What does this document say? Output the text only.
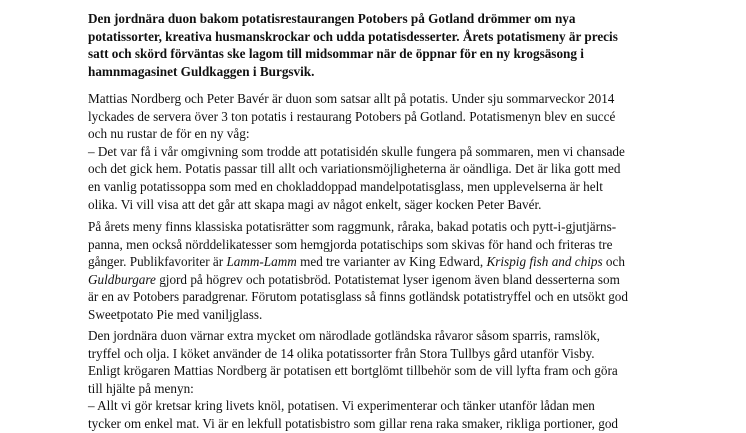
Den jordnära duon bakom potatisrestaurangen Potobers på Gotland drömmer om nya
potatissorter, kreativa husmanskrockar och udda potatisdesserter. Årets potatismeny är precis
satt och skörd förväntas ske lagom till midsommar när de öppnar för en ny krogsäsong i
hamnmagasinet Guldkaggen i Burgsvik.
Mattias Nordberg och Peter Bavér är duon som satsar allt på potatis. Under sju sommarveckor 2014
lyckades de servera över 3 ton potatis i restaurang Potobers på Gotland. Potatismenyn blev en succé
och nu rustar de för en ny våg:
– Det var få i vår omgivning som trodde att potatisidén skulle fungera på sommaren, men vi chansade
och det gick hem. Potatis passar till allt och variationsmöjligheterna är oändliga. Det är lika gott med
en vanlig potatissoppa som med en chokladdoppad mandelpotatisglass, men upplevelserna är helt
olika. Vi vill visa att det går att skapa magi av något enkelt, säger kocken Peter Bavér.
På årets meny finns klassiska potatisrätter som raggmunk, råraka, bakad potatis och pytt-i-gjutjärns-
panna, men också nörddelikatesser som hemgjorda potatischips som skivas för hand och friteras tre
gånger. Publikfavoriter är Lamm-Lamm med tre varianter av King Edward, Krispig fish and chips och
Guldburgare gjord på högrev och potatisbröd. Potatistemat lyser igenom även bland desserterna som
är en av Potobers paradgrenar. Förutom potatisglass så finns gotländsk potatistryffel och en utsökt god
Sweetpotato Pie med vaniljglass.
Den jordnära duon värnar extra mycket om närodlade gotländska råvaror såsom sparris, ramslök,
tryffel och olja. I köket använder de 14 olika potatissorter från Stora Tullbys gård utanför Visby.
Enligt krögaren Mattias Nordberg är potatisen ett bortglömt tillbehör som de vill lyfta fram och göra
till hjälte på menyn:
– Allt vi gör kretsar kring livets knöl, potatisen. Vi experimenterar och tänker utanför lådan men
tycker om enkel mat. Vi är en lekfull potatisbistro som gillar rena raka smaker, rikliga portioner, god
